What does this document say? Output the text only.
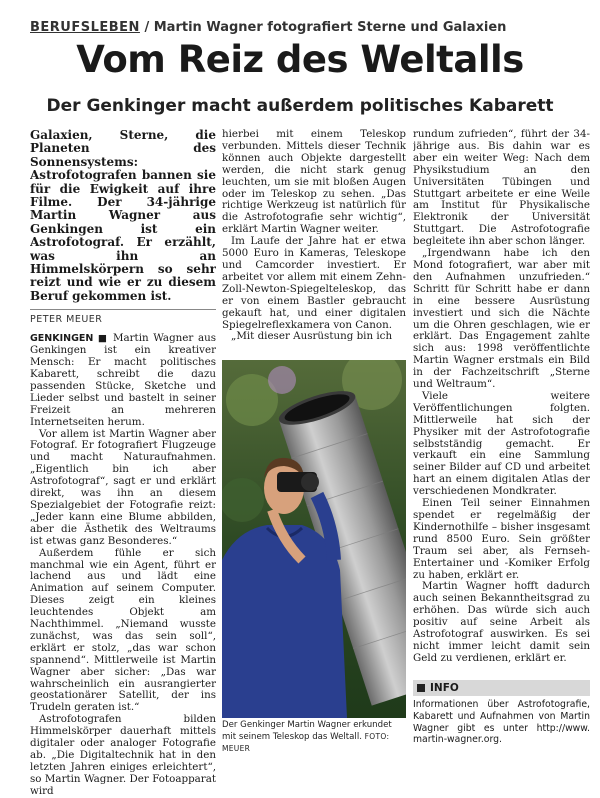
BERUFSLEBEN / Martin Wagner fotografiert Sterne und Galaxien
Vom Reiz des Weltalls
Der Genkinger macht außerdem politisches Kabarett

Galaxien, Sterne, die Planeten des Sonnensystems: Astrofotografen bannen sie für die Ewigkeit auf ihre Filme. Der 34-jährige Martin Wagner aus Genkingen ist ein Astrofotograf. Er erzählt, was ihn an Himmelskörpern so sehr reizt und wie er zu diesem Beruf gekommen ist.

PETER MEUER

GENKINGEN ■ Martin Wagner aus Genkingen ist ein kreativer Mensch: Er macht politisches Kabarett, schreibt die dazu passenden Stücke, Sketche und Lieder selbst und bastelt in seiner Freizeit an mehreren Internetseiten herum.

Vor allem ist Martin Wagner aber Fotograf. Er fotografiert Flugzeuge und macht Naturaufnahmen. „Eigentlich bin ich aber Astrofotograf“, sagt er und erklärt direkt, was ihn an diesem Spezialgebiet der Fotografie reizt: „Jeder kann eine Blume abbilden, aber die Ästhetik des Weltraums ist etwas ganz Besonderes.“

Außerdem fühle er sich manchmal wie ein Agent, führt er lachend aus und lädt eine Animation auf seinem Computer. Dieses zeigt ein kleines leuchtendes Objekt am Nachthimmel. „Niemand wusste zunächst, was das sein soll“, erklärt er stolz, „das war schon spannend“. Mittlerweile ist Martin Wagner aber sicher: „Das war wahrscheinlich ein ausrangierter geostationärer Satellit, der ins Trudeln geraten ist.“

Astrofotografen bilden Himmelskörper dauerhaft mittels digitaler oder analoger Fotografie ab. „Die Digitaltechnik hat in den letzten Jahren einiges erleichtert“, so Martin Wagner. Der Fotoapparat wird

hierbei mit einem Teleskop verbunden. Mittels dieser Technik können auch Objekte dargestellt werden, die nicht stark genug leuchten, um sie mit bloßen Augen oder im Teleskop zu sehen. „Das richtige Werkzeug ist natürlich für die Astrofotografie sehr wichtig“, erklärt Martin Wagner weiter.

Im Laufe der Jahre hat er etwa 5000 Euro in Kameras, Teleskope und Camcorder investiert. Er arbeitet vor allem mit einem Zehn-Zoll-Newton-Spiegelteleskop, das er von einem Bastler gebraucht gekauft hat, und einer digitalen Spiegelreflexkamera von Canon.

„Mit dieser Ausrüstung bin ich

Der Genkinger Martin Wagner erkundet mit seinem Teleskop das Weltall. FOTO: MEUER

rundum zufrieden“, führt der 34-jährige aus. Bis dahin war es aber ein weiter Weg: Nach dem Physikstudium an den Universitäten Tübingen und Stuttgart arbeitete er eine Weile am Institut für Physikalische Elektronik der Universität Stuttgart. Die Astrofotografie begleitete ihn aber schon länger.

„Irgendwann habe ich den Mond fotografiert, war aber mit den Aufnahmen unzufrieden.“ Schritt für Schritt habe er dann in eine bessere Ausrüstung investiert und sich die Nächte um die Ohren geschlagen, wie er erklärt. Das Engagement zahlte sich aus: 1998 veröffentlichte Martin Wagner erstmals ein Bild in der Fachzeitschrift „Sterne und Weltraum“.

Viele weitere Veröffentlichungen folgten. Mittlerweile hat sich der Physiker mit der Astrofotografie selbstständig gemacht. Er verkauft ein eine Sammlung seiner Bilder auf CD und arbeitet hart an einem digitalen Atlas der verschiedenen Mondkrater.

Einen Teil seiner Einnahmen spendet er regelmäßig der Kindernothilfe – bisher insgesamt rund 8500 Euro. Sein größter Traum sei aber, als Fernseh-Entertainer und -Komiker Erfolg zu haben, erklärt er.

Martin Wagner hofft dadurch auch seinen Bekanntheitsgrad zu erhöhen. Das würde sich auch positiv auf seine Arbeit als Astrofotograf auswirken. Es sei nicht immer leicht damit sein Geld zu verdienen, erklärt er.

INFO
Informationen über Astrofotografie, Kabarett und Aufnahmen von Martin Wagner gibt es unter http://www. martin-wagner.org.
